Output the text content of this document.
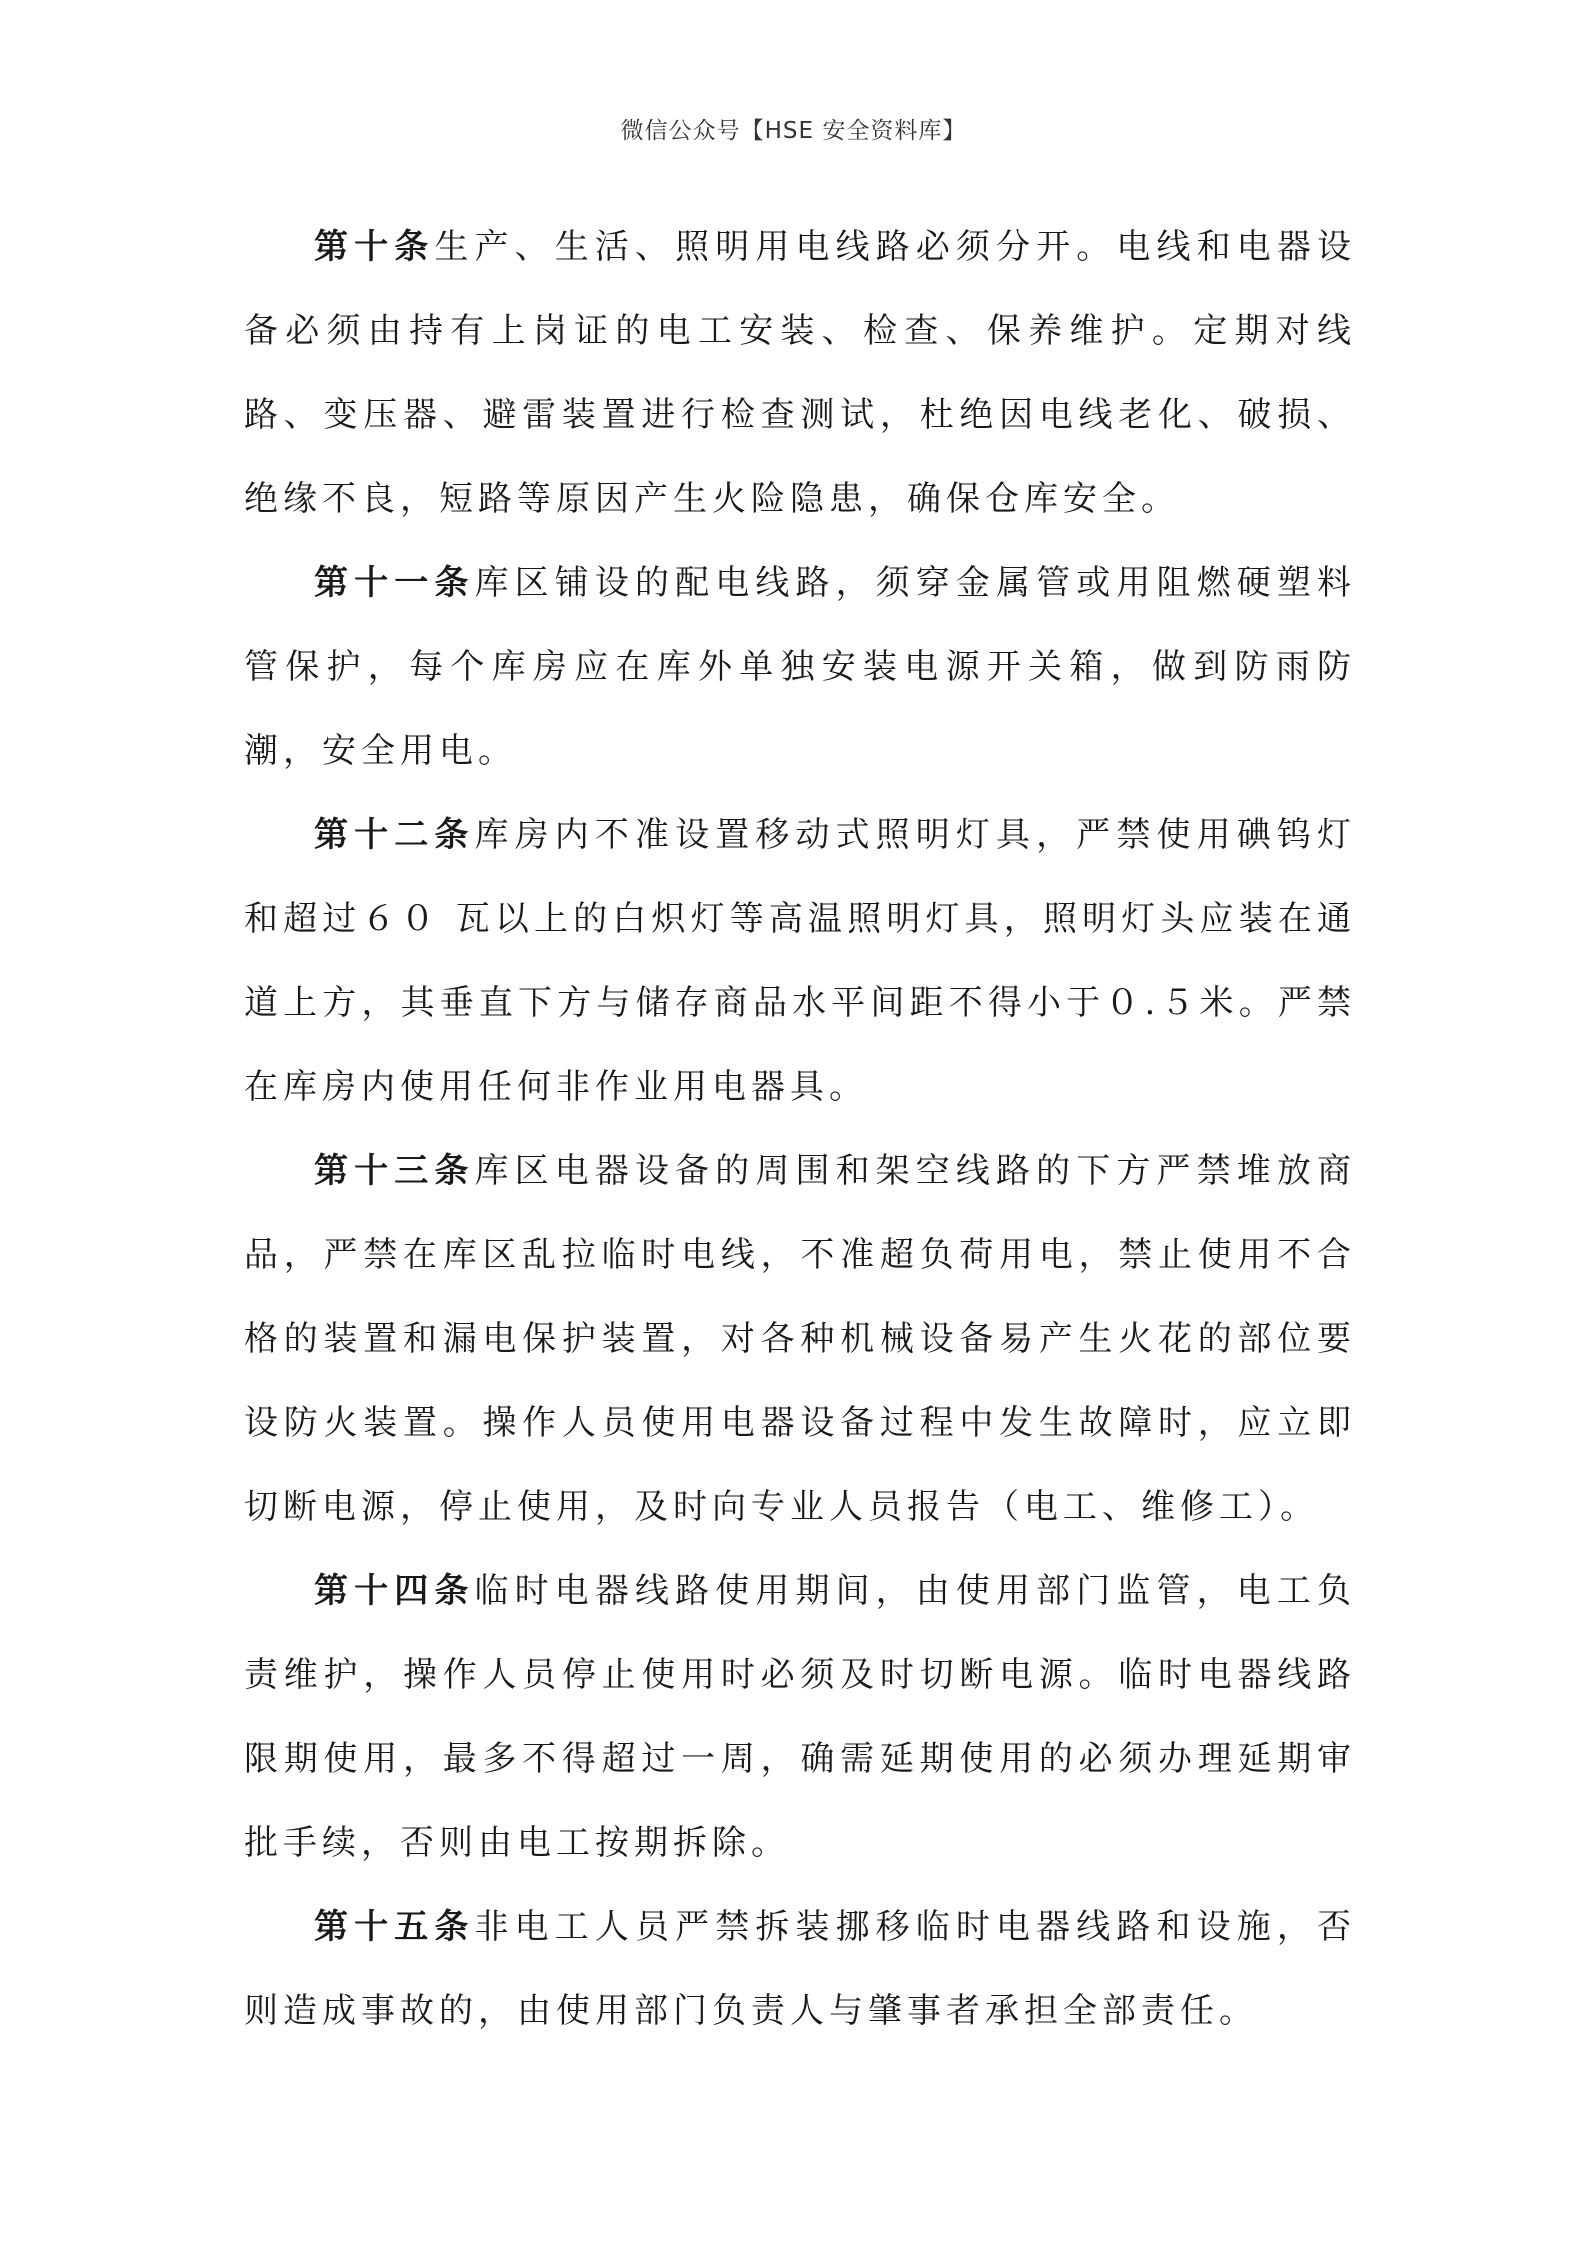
微信公众号【HSE 安全资料库】

第十条生产、生活、照明用电线路必须分开。电线和电器设备必须由持有上岗证的电工安装、检查、保养维护。定期对线路、变压器、避雷装置进行检查测试，杜绝因电线老化、破损、绝缘不良，短路等原因产生火险隐患，确保仓库安全。

第十一条库区铺设的配电线路，须穿金属管或用阻燃硬塑料管保护，每个库房应在库外单独安装电源开关箱，做到防雨防潮，安全用电。

第十二条库房内不准设置移动式照明灯具，严禁使用碘钨灯和超过６０ 瓦以上的白炽灯等高温照明灯具，照明灯头应装在通道上方，其垂直下方与储存商品水平间距不得小于０.５米。严禁在库房内使用任何非作业用电器具。

第十三条库区电器设备的周围和架空线路的下方严禁堆放商品，严禁在库区乱拉临时电线，不准超负荷用电，禁止使用不合格的装置和漏电保护装置，对各种机械设备易产生火花的部位要设防火装置。操作人员使用电器设备过程中发生故障时，应立即切断电源，停止使用，及时向专业人员报告（电工、维修工）。

第十四条临时电器线路使用期间，由使用部门监管，电工负责维护，操作人员停止使用时必须及时切断电源。临时电器线路限期使用，最多不得超过一周，确需延期使用的必须办理延期审批手续，否则由电工按期拆除。

第十五条非电工人员严禁拆装挪移临时电器线路和设施，否则造成事故的，由使用部门负责人与肇事者承担全部责任。
